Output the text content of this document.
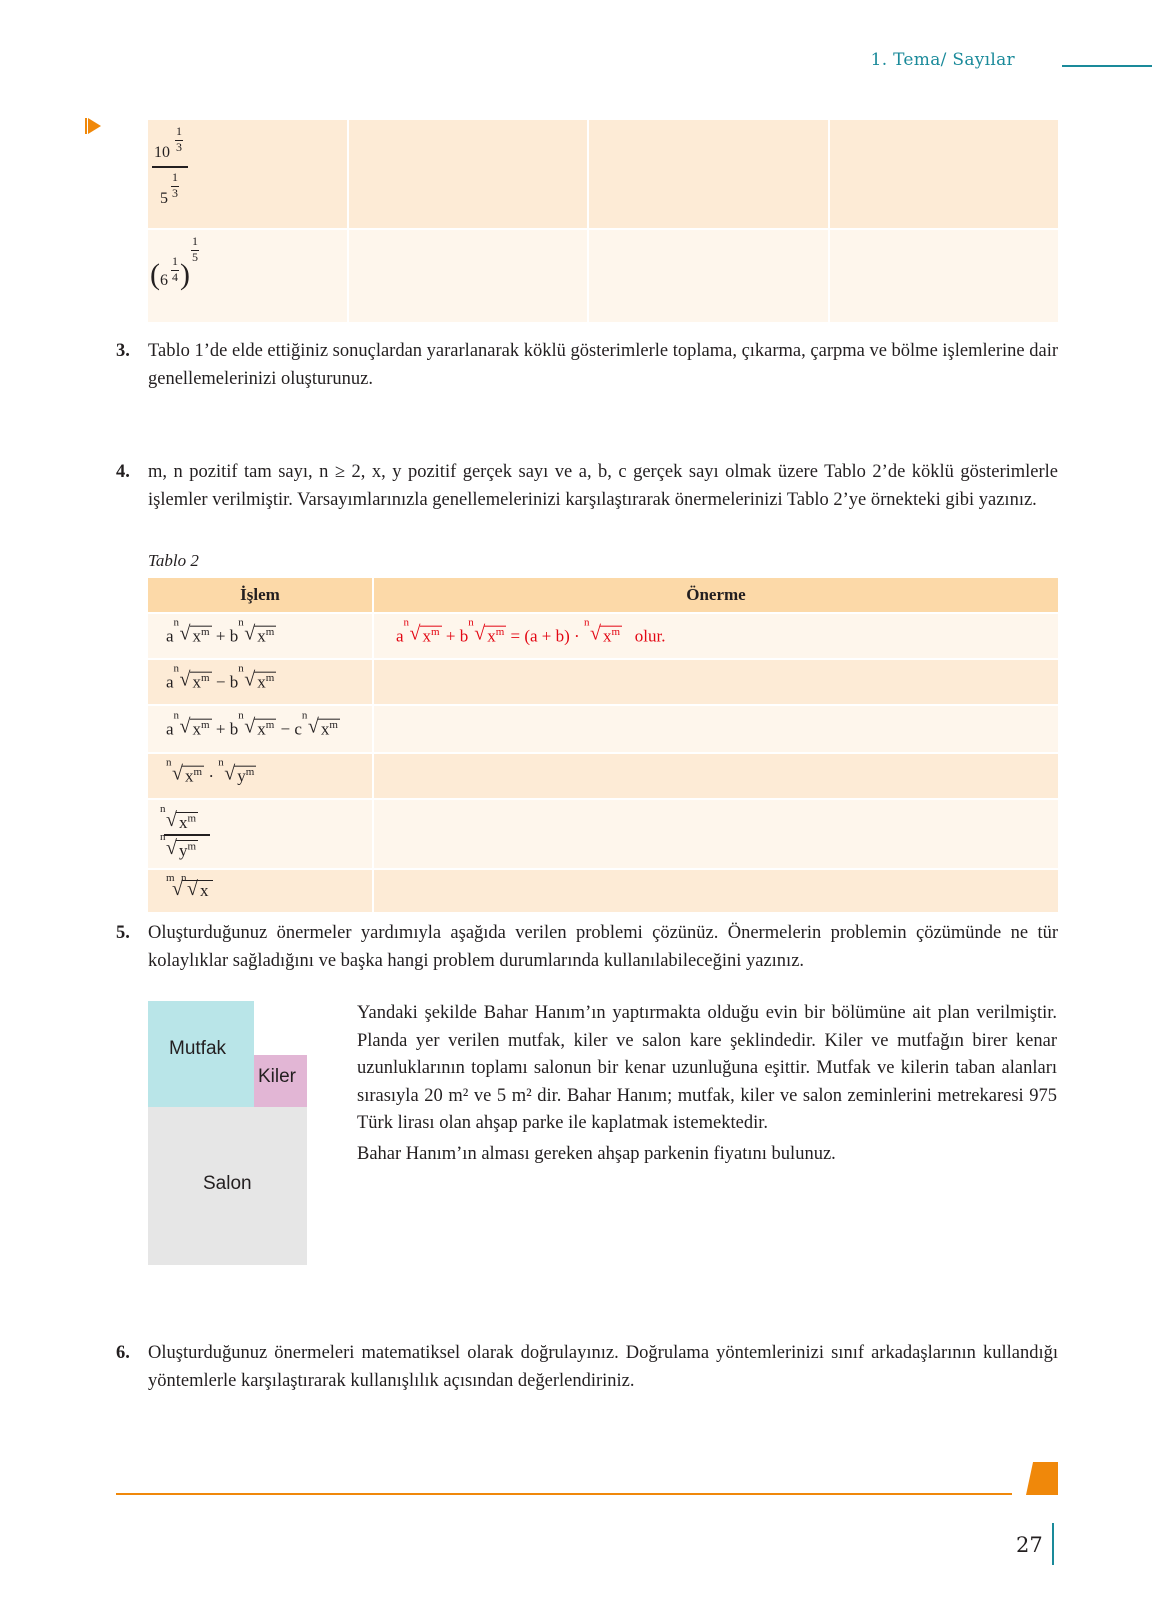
1. Tema/ Sayılar
10
1
3
5
1
3
( 6
1
4 )
1
5
3. Tablo 1’de elde ettiğiniz sonuçlardan yararlanarak köklü gösterimlerle toplama, çıkarma, çarpma ve bölme işlemlerine dair genellemelerinizi oluşturunuz.
4. m, n pozitif tam sayı, n ≥ 2, x, y pozitif gerçek sayı ve a, b, c gerçek sayı olmak üzere Tablo 2’de köklü gösterimlerle işlemler verilmiştir. Varsayımlarınızla genellemelerinizi karşılaştırarak önermelerinizi Tablo 2’ye örnekteki gibi yazınız.
Tablo 2
İşlem	Önerme
a
n √ $x^m + b$
n √ $x^m$	a
n √ $x^m + b$
n √ $x^m = (a + b)$ ·
n √ $x^m$ olur.
a
n √ $x^m - b$
n √ $x^m$
a
n √ $x^m + b$
n √ $x^m - c$
n √ $x^m$
n √ $x^m$ ·
n √ $y^m$
n √ $x^m$
n √ $y^m$
m
√
n √ x
5. Oluşturduğunuz önermeler yardımıyla aşağıda verilen problemi çözünüz. Önermelerin problemin çözümünde ne tür kolaylıklar sağladığını ve başka hangi problem durumlarında kullanılabileceğini yazınız.
Mutfak
Kiler
Salon
Yandaki şekilde Bahar Hanım’ın yaptırmakta olduğu evin bir bölümüne ait plan verilmiştir. Planda yer verilen mutfak, kiler ve salon kare şeklindedir. Kiler ve mutfağın birer kenar uzunluklarının toplamı salonun bir kenar uzunluğuna eşittir. Mutfak ve kilerin taban alanları sırasıyla 20 m² ve 5 m² dir. Bahar Hanım; mutfak, kiler ve salon zeminlerini metrekaresi 975 Türk lirası olan ahşap parke ile kaplatmak istemektedir.
Bahar Hanım’ın alması gereken ahşap parkenin fiyatını bulunuz.
6. Oluşturduğunuz önermeleri matematiksel olarak doğrulayınız. Doğrulama yöntemlerinizi sınıf arkadaşlarının kullandığı yöntemlerle karşılaştırarak kullanışlılık açısından değerlendiriniz.
27
